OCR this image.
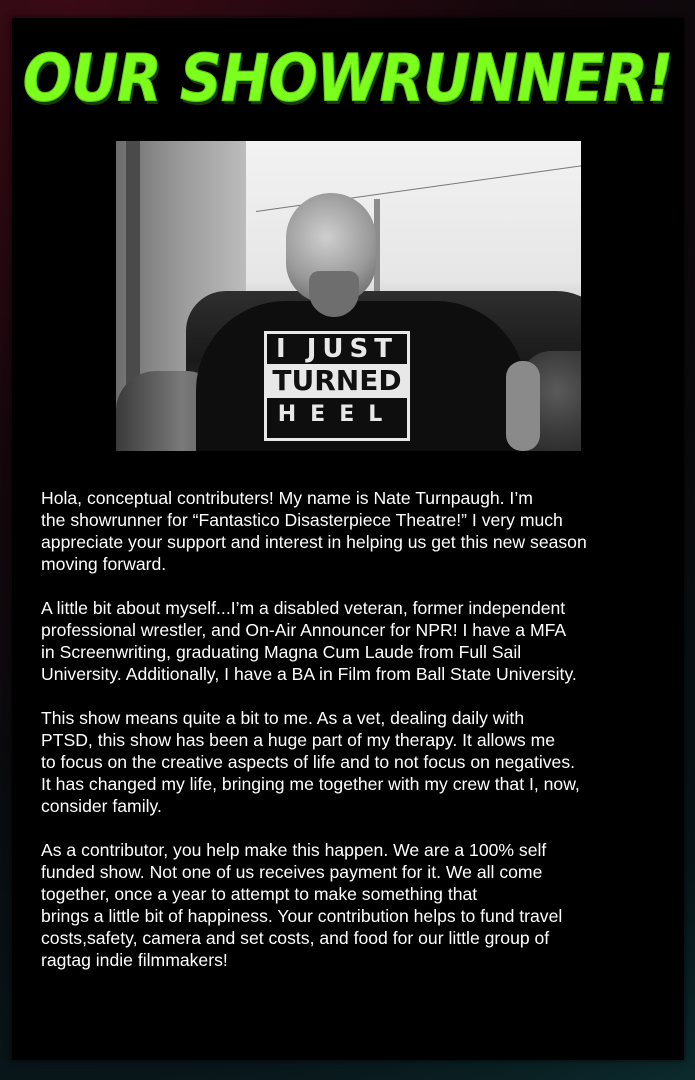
OUR SHOWRUNNER!
I JUST
TURNED
HEEL

Hola, conceptual contributers! My name is Nate Turnpaugh. I’m
the showrunner for “Fantastico Disasterpiece Theatre!” I very much
appreciate your support and interest in helping us get this new season
moving forward.

A little bit about myself...I’m a disabled veteran, former independent
professional wrestler, and On-Air Announcer for NPR! I have a MFA
in Screenwriting, graduating Magna Cum Laude from Full Sail
University. Additionally, I have a BA in Film from Ball State University.

This show means quite a bit to me. As a vet, dealing daily with
PTSD, this show has been a huge part of my therapy. It allows me
to focus on the creative aspects of life and to not focus on negatives.
It has changed my life, bringing me together with my crew that I, now,
consider family.

As a contributor, you help make this happen. We are a 100% self
funded show. Not one of us receives payment for it. We all come
together, once a year to attempt to make something that
brings a little bit of happiness. Your contribution helps to fund travel
costs,safety, camera and set costs, and food for our little group of
ragtag indie filmmakers!
